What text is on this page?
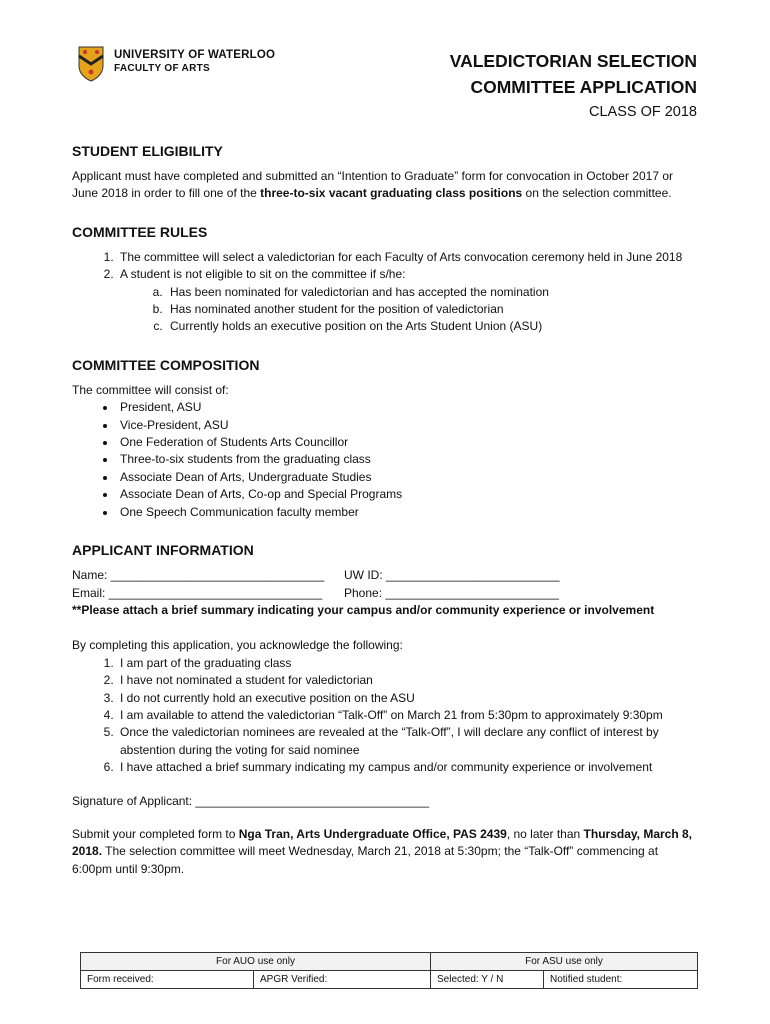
UNIVERSITY OF WATERLOO
FACULTY OF ARTS	VALEDICTORIAN SELECTION
COMMITTEE APPLICATION
CLASS OF 2018
STUDENT ELIGIBILITY

Applicant must have completed and submitted an “Intention to Graduate” form for convocation in October 2017 or June 2018 in order to fill one of the three-to-six vacant graduating class positions on the selection committee.

COMMITTEE RULES
1. The committee will select a valedictorian for each Faculty of Arts convocation ceremony held in June 2018
2. A student is not eligible to sit on the committee if s/he:
a. Has been nominated for valedictorian and has accepted the nomination
b. Has nominated another student for the position of valedictorian
c. Currently holds an executive position on the Arts Student Union (ASU)
COMMITTEE COMPOSITION

The committee will consist of:

• President, ASU
• Vice-President, ASU
• One Federation of Students Arts Councillor
• Three-to-six students from the graduating class
• Associate Dean of Arts, Undergraduate Studies
• Associate Dean of Arts, Co-op and Special Programs
• One Speech Communication faculty member
APPLICANT INFORMATION
Name: ________________________________	UW ID: __________________________
Email: ________________________________	Phone: __________________________

**Please attach a brief summary indicating your campus and/or community experience or involvement

By completing this application, you acknowledge the following:

1. I am part of the graduating class
2. I have not nominated a student for valedictorian
3. I do not currently hold an executive position on the ASU
4. I am available to attend the valedictorian “Talk-Off” on March 21 from 5:30pm to approximately 9:30pm
5. Once the valedictorian nominees are revealed at the “Talk-Off”, I will declare any conflict of interest by abstention during the voting for said nominee
6. I have attached a brief summary indicating my campus and/or community experience or involvement

Signature of Applicant: ___________________________________

Submit your completed form to Nga Tran, Arts Undergraduate Office, PAS 2439, no later than Thursday, March 8, 2018. The selection committee will meet Wednesday, March 21, 2018 at 5:30pm; the “Talk-Off” commencing at 6:00pm until 9:30pm.

For AUO use only		For ASU use only	
Form received:	APGR Verified:	Selected: Y / N	Notified student:
